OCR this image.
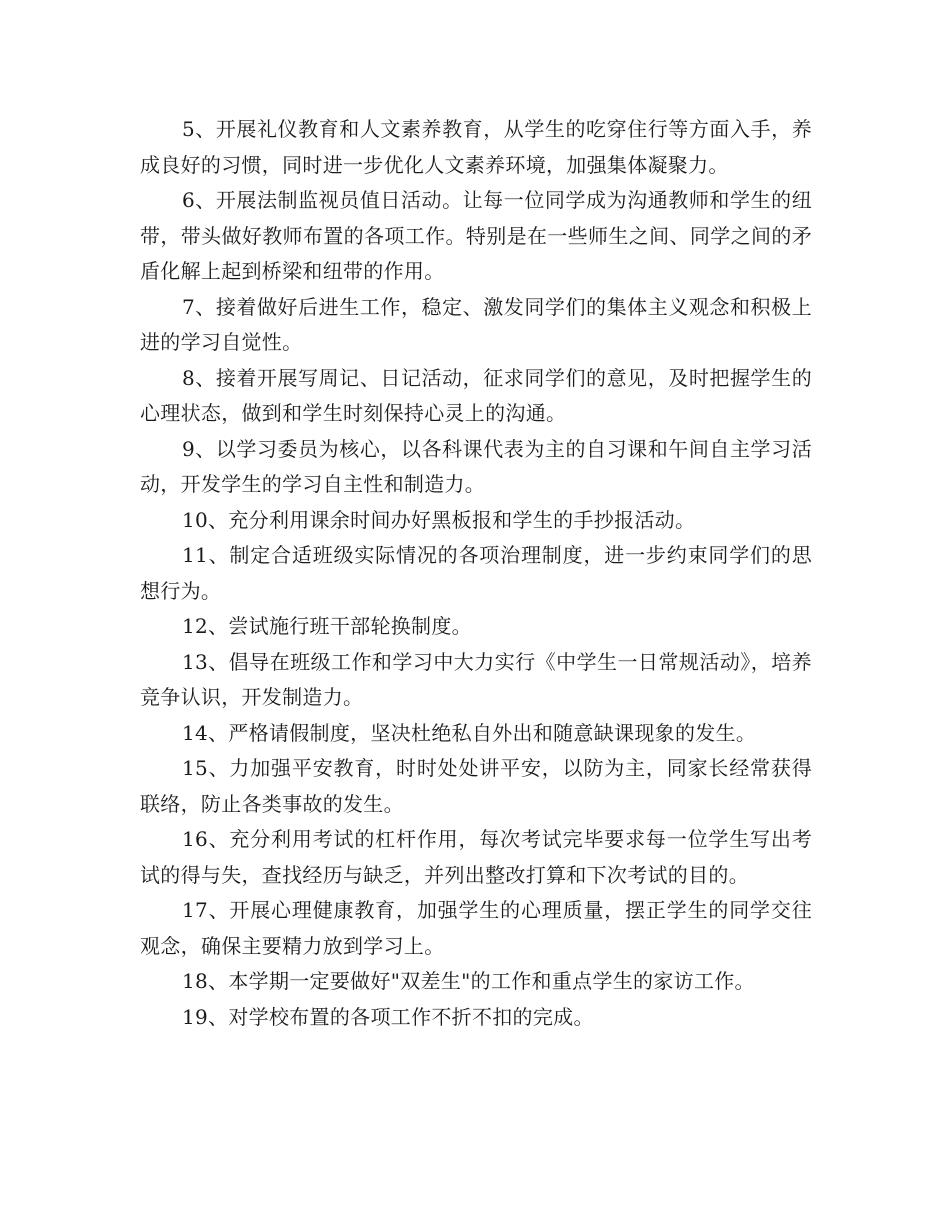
5、开展礼仪教育和人文素养教育，从学生的吃穿住行等方面入手，养成良好的习惯，同时进一步优化人文素养环境，加强集体凝聚力。

6、开展法制监视员值日活动。让每一位同学成为沟通教师和学生的纽带，带头做好教师布置的各项工作。特别是在一些师生之间、同学之间的矛盾化解上起到桥梁和纽带的作用。

7、接着做好后进生工作，稳定、激发同学们的集体主义观念和积极上进的学习自觉性。

8、接着开展写周记、日记活动，征求同学们的意见，及时把握学生的心理状态，做到和学生时刻保持心灵上的沟通。

9、以学习委员为核心，以各科课代表为主的自习课和午间自主学习活动，开发学生的学习自主性和制造力。

10、充分利用课余时间办好黑板报和学生的手抄报活动。

11、制定合适班级实际情况的各项治理制度，进一步约束同学们的思想行为。

12、尝试施行班干部轮换制度。

13、倡导在班级工作和学习中大力实行《中学生一日常规活动》，培养竞争认识，开发制造力。

14、严格请假制度，坚决杜绝私自外出和随意缺课现象的发生。

15、力加强平安教育，时时处处讲平安，以防为主，同家长经常获得联络，防止各类事故的发生。

16、充分利用考试的杠杆作用，每次考试完毕要求每一位学生写出考试的得与失，查找经历与缺乏，并列出整改打算和下次考试的目的。

17、开展心理健康教育，加强学生的心理质量，摆正学生的同学交往观念，确保主要精力放到学习上。

18、本学期一定要做好"双差生"的工作和重点学生的家访工作。

19、对学校布置的各项工作不折不扣的完成。
